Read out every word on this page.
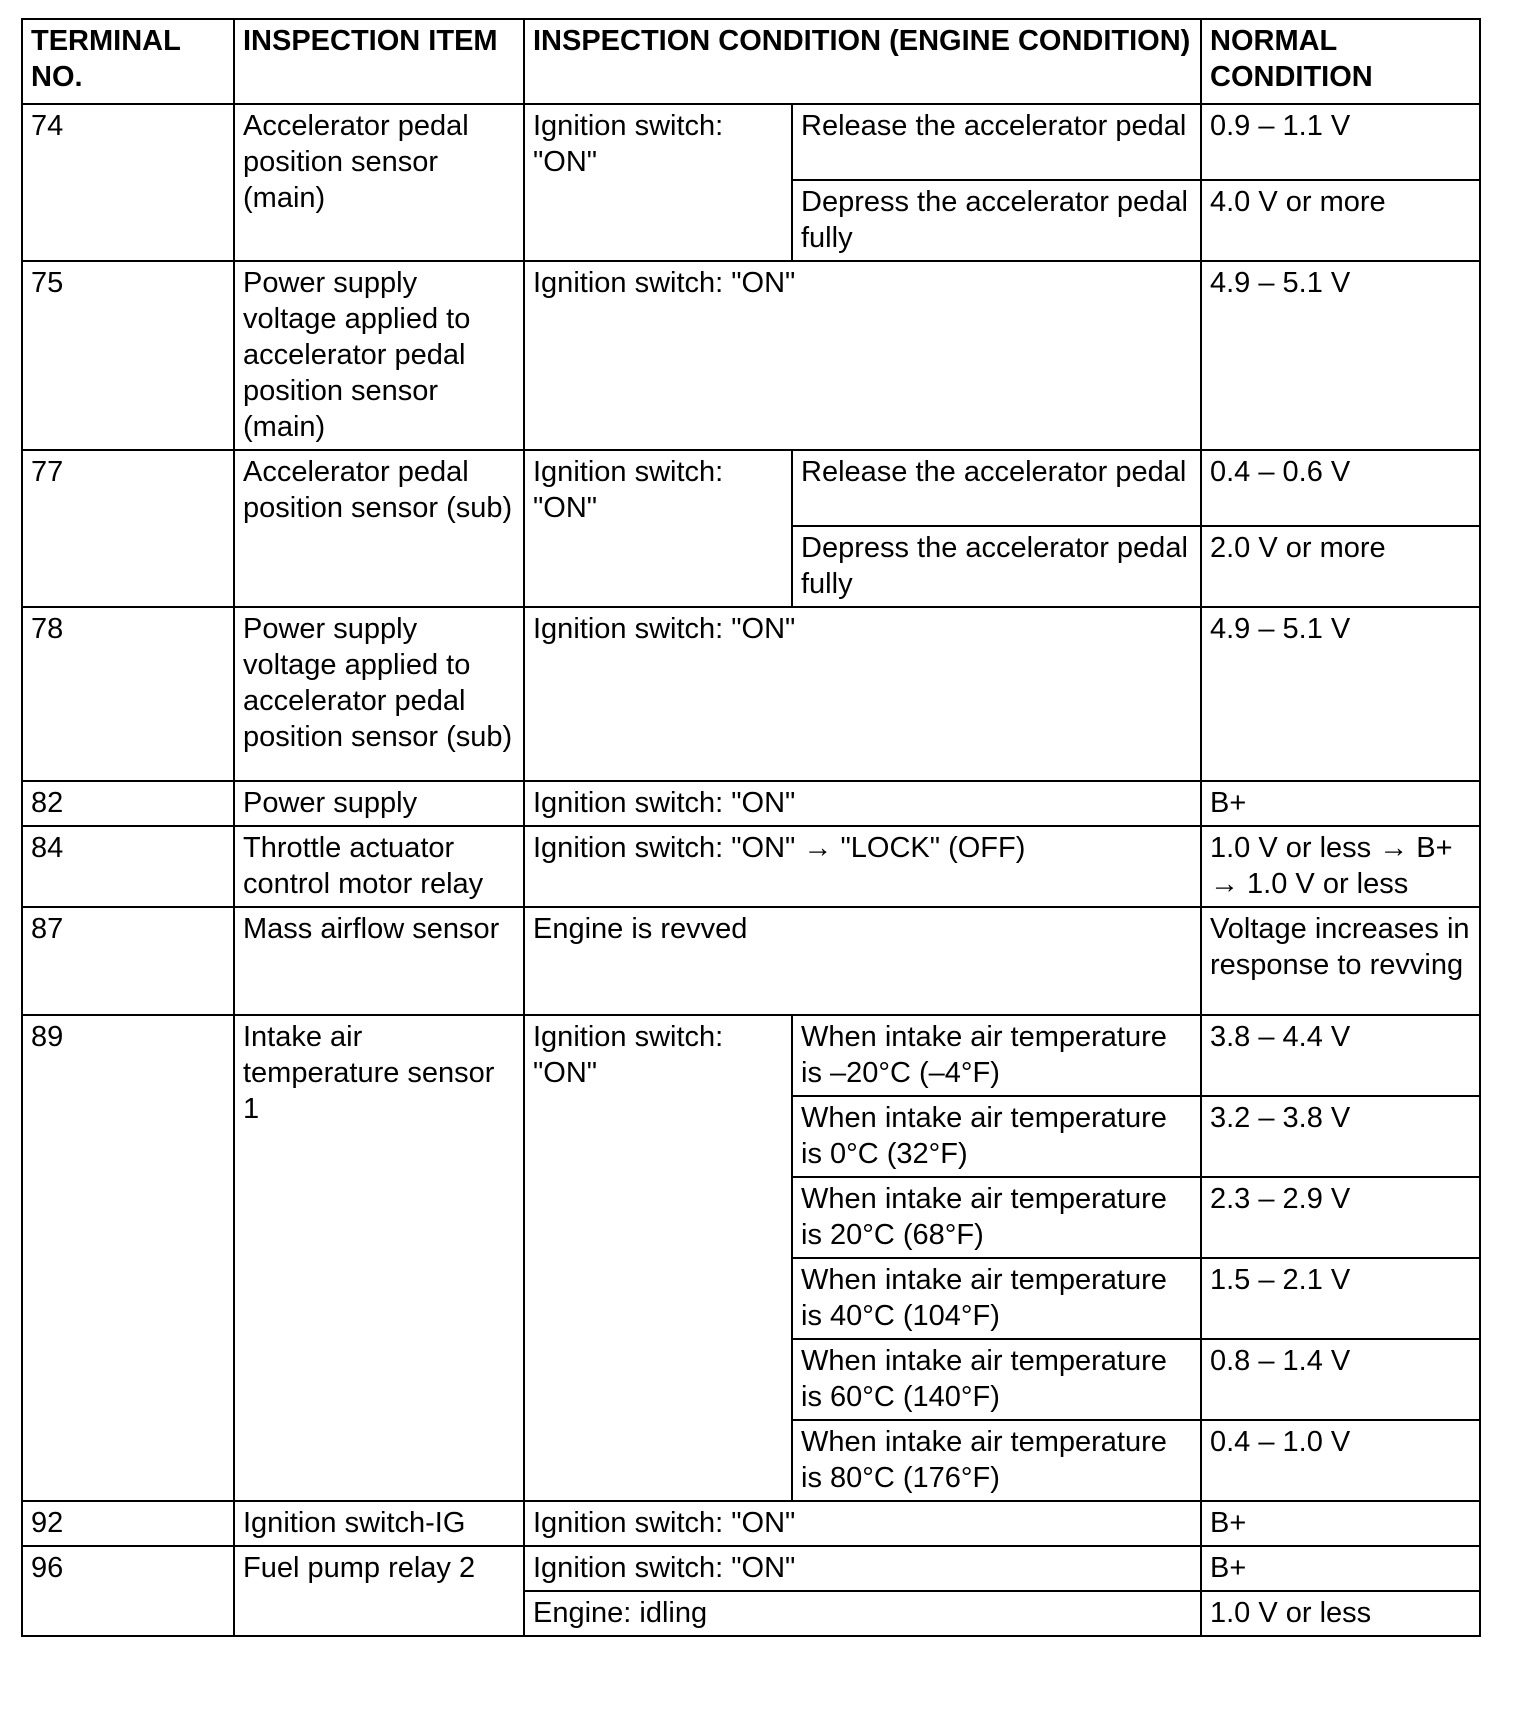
TERMINAL NO.	INSPECTION ITEM	INSPECTION CONDITION (ENGINE CONDITION)		NORMAL CONDITION
74	Accelerator pedal position sensor (main)	Ignition switch: "ON"	Release the accelerator pedal	0.9 – 1.1 V
			Depress the accelerator pedal fully	4.0 V or more
75	Power supply voltage applied to accelerator pedal position sensor (main)	Ignition switch: "ON"		4.9 – 5.1 V
77	Accelerator pedal position sensor (sub)	Ignition switch: "ON"	Release the accelerator pedal	0.4 – 0.6 V
			Depress the accelerator pedal fully	2.0 V or more
78	Power supply voltage applied to accelerator pedal position sensor (sub)	Ignition switch: "ON"		4.9 – 5.1 V
82	Power supply	Ignition switch: "ON"		B+
84	Throttle actuator control motor relay	Ignition switch: "ON" → "LOCK" (OFF)		1.0 V or less → B+ → 1.0 V or less
87	Mass airflow sensor	Engine is revved		Voltage increases in response to revving
89	Intake air temperature sensor 1	Ignition switch: "ON"	When intake air temperature is –20°C (–4°F)	3.8 – 4.4 V
			When intake air temperature is 0°C (32°F)	3.2 – 3.8 V
			When intake air temperature is 20°C (68°F)	2.3 – 2.9 V
			When intake air temperature is 40°C (104°F)	1.5 – 2.1 V
			When intake air temperature is 60°C (140°F)	0.8 – 1.4 V
			When intake air temperature is 80°C (176°F)	0.4 – 1.0 V
92	Ignition switch-IG	Ignition switch: "ON"		B+
96	Fuel pump relay 2	Ignition switch: "ON"		B+
		Engine: idling		1.0 V or less
